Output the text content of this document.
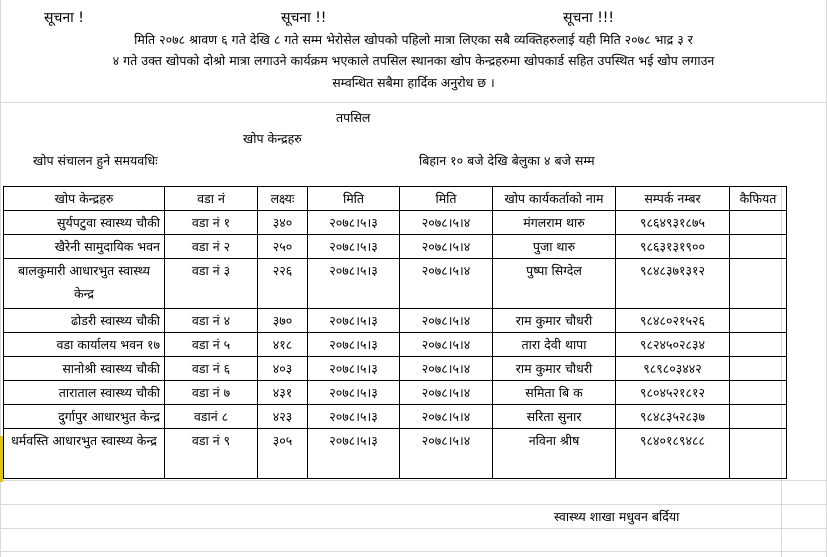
सूचना !	सूचना !!	सूचना !!!
मिति २०७८ श्रावण ६ गते देखि ८ गते सम्म भेरोसेल खोपको पहिलो मात्रा लिएका सबै व्यक्तिहरुलाई यही मिति २०७८ भाद्र ३ र
४ गते उक्त खोपको दोश्रो मात्रा लगाउने कार्यक्रम भएकाले तपसिल स्थानका खोप केन्द्रहरुमा खोपकार्ड सहित उपस्थित भई खोप लगाउन
सम्वन्धित सबैमा हार्दिक अनुरोध छ ।
तपसिल
खोप केन्द्रहरु
खोप संचालन हुने समयवधिः	बिहान १० बजे देखि बेलुका ४ बजे सम्म
खोप केन्द्रहरु	वडा नं	लक्ष्यः	मिति	मिति	खोप कार्यकर्ताको नाम	सम्पर्क नम्बर	कैफियत
सुर्यपटुवा स्वास्थ्य चौकी	वडा नं १	३४०	२०७८।५।३	२०७८।५।४	मंगलराम थारु	९८६४९३१८७५	
खैरेनी सामुदायिक भवन	वडा नं २	२५०	२०७८।५।३	२०७८।५।४	पुजा थारु	९८६३१३१९००	
बालकुमारी आधारभुत स्वास्थ्य केन्द्र	वडा नं ३	२२६	२०७८।५।३	२०७८।५।४	पुष्पा सिग्देल	९८४८३७१३१२	
ढोडरी स्वास्थ्य चौकी	वडा नं ४	३७०	२०७८।५।३	२०७८।५।४	राम कुमार चौधरी	९८४८०२१५२६	
वडा कार्यालय भवन १७	वडा नं ५	४१८	२०७८।५।३	२०७८।५।४	तारा देवी थापा	९८२४५०२८३४	
सानोश्री स्वास्थ्य चौकी	वडा नं ६	४०३	२०७८।५।३	२०७८।५।४	राम कुमार चौधरी	९८९८०३४४२	
ताराताल स्वास्थ्य चौकी	वडा नं ७	४३१	२०७८।५।३	२०७८।५।४	समिता बि क	९८०४५२१८१२	
दुर्गापुर आधारभुत केन्द्र	वडानं ८	४२३	२०७८।५।३	२०७८।५।४	सरिता सुनार	९८४८३५२८३७	
धर्मवस्ति आधारभुत स्वास्थ्य केन्द्र	वडा नं ९	३०५	२०७८।५।३	२०७८।५।४	नविना श्रीष	९८४०१८९४८८	
स्वास्थ्य शाखा मधुवन बर्दिया
